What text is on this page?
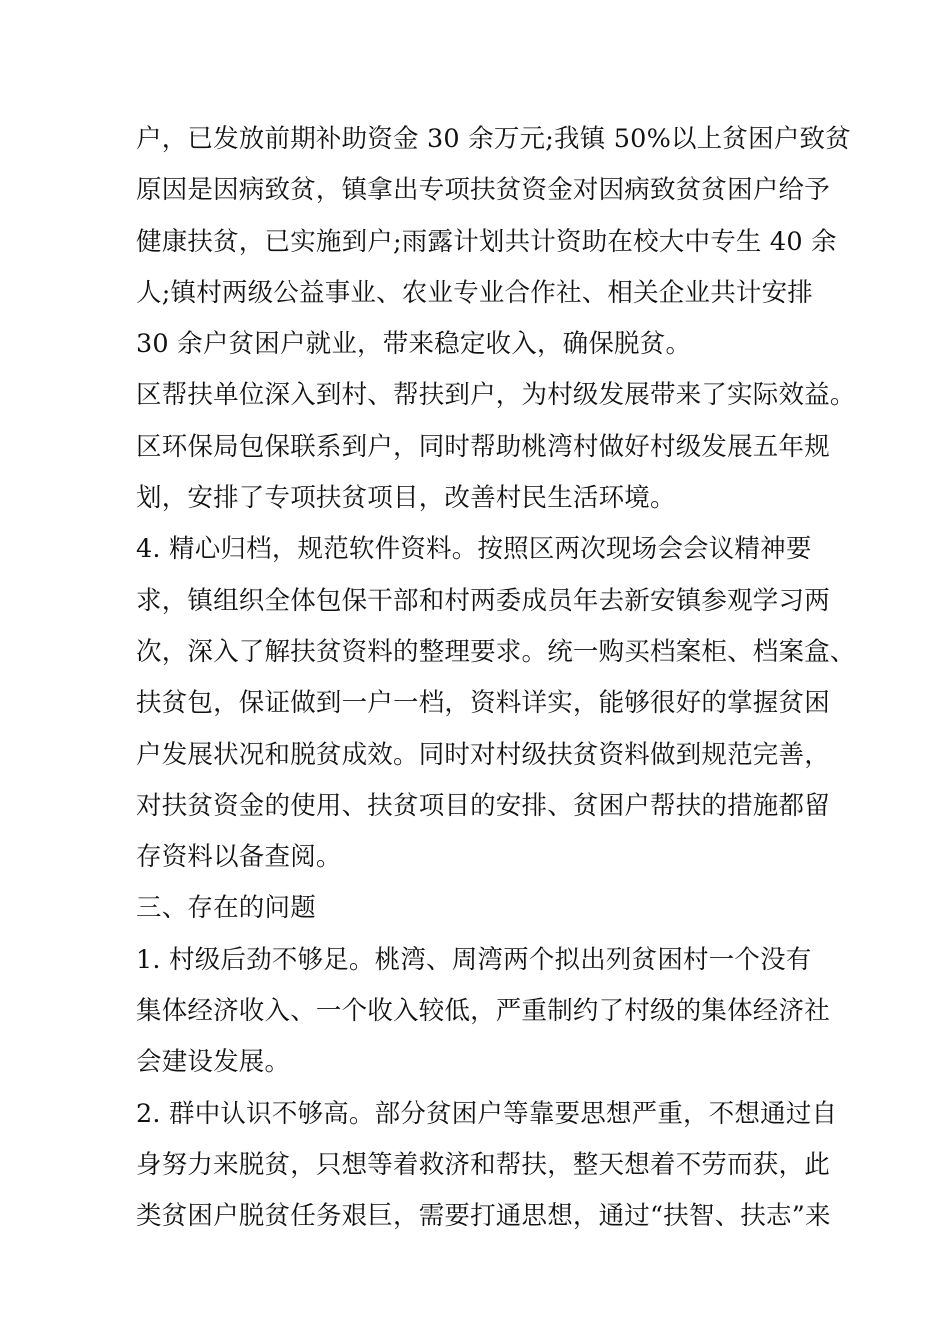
户，已发放前期补助资金 30 余万元;我镇 50%以上贫困户致贫
原因是因病致贫，镇拿出专项扶贫资金对因病致贫贫困户给予
健康扶贫，已实施到户;雨露计划共计资助在校大中专生 40 余
人;镇村两级公益事业、农业专业合作社、相关企业共计安排
30 余户贫困户就业，带来稳定收入，确保脱贫。
区帮扶单位深入到村、帮扶到户，为村级发展带来了实际效益。
区环保局包保联系到户，同时帮助桃湾村做好村级发展五年规
划，安排了专项扶贫项目，改善村民生活环境。
4. 精心归档，规范软件资料。按照区两次现场会会议精神要
求，镇组织全体包保干部和村两委成员年去新安镇参观学习两
次，深入了解扶贫资料的整理要求。统一购买档案柜、档案盒、
扶贫包，保证做到一户一档，资料详实，能够很好的掌握贫困
户发展状况和脱贫成效。同时对村级扶贫资料做到规范完善，
对扶贫资金的使用、扶贫项目的安排、贫困户帮扶的措施都留
存资料以备查阅。
三、存在的问题
1. 村级后劲不够足。桃湾、周湾两个拟出列贫困村一个没有
集体经济收入、一个收入较低，严重制约了村级的集体经济社
会建设发展。
2. 群中认识不够高。部分贫困户等靠要思想严重，不想通过自
身努力来脱贫，只想等着救济和帮扶，整天想着不劳而获，此
类贫困户脱贫任务艰巨，需要打通思想，通过“扶智、扶志”来
